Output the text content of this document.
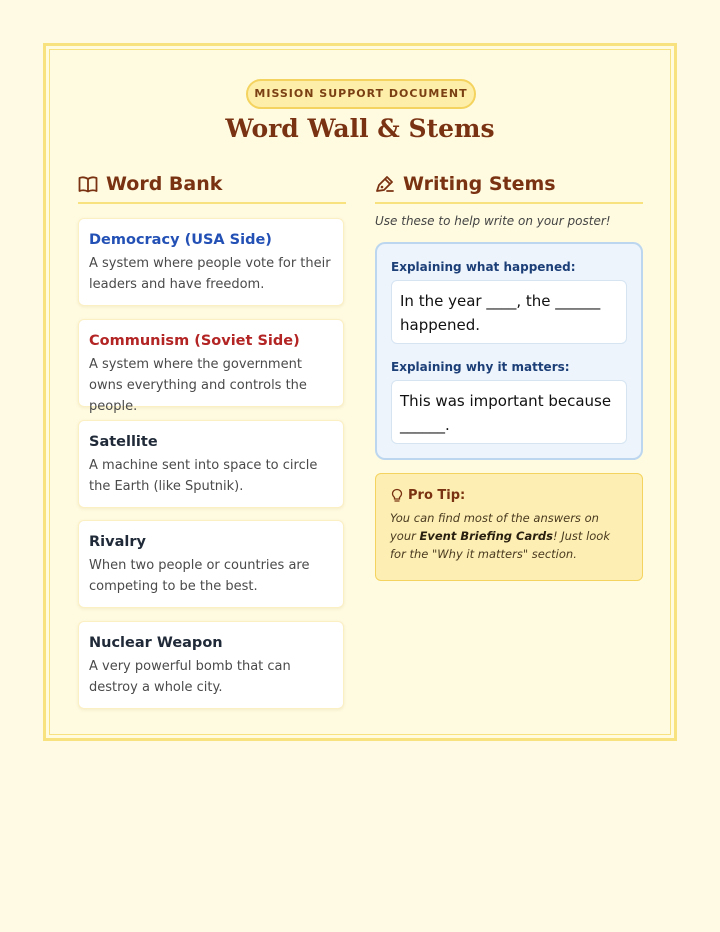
MISSION SUPPORT DOCUMENT
Word Wall & Stems
Word Bank
Democracy (USA Side)
A system where people vote for their leaders and have freedom.
Communism (Soviet Side)
A system where the government owns everything and controls the people.
Satellite
A machine sent into space to circle the Earth (like Sputnik).
Rivalry
When two people or countries are competing to be the best.
Nuclear Weapon
A very powerful bomb that can destroy a whole city.
Writing Stems
Use these to help write on your poster!
Explaining what happened:
In the year ____, the ______ happened.
Explaining why it matters:
This was important because ______.
Pro Tip:
You can find most of the answers on your Event Briefing Cards! Just look for the "Why it matters" section.
